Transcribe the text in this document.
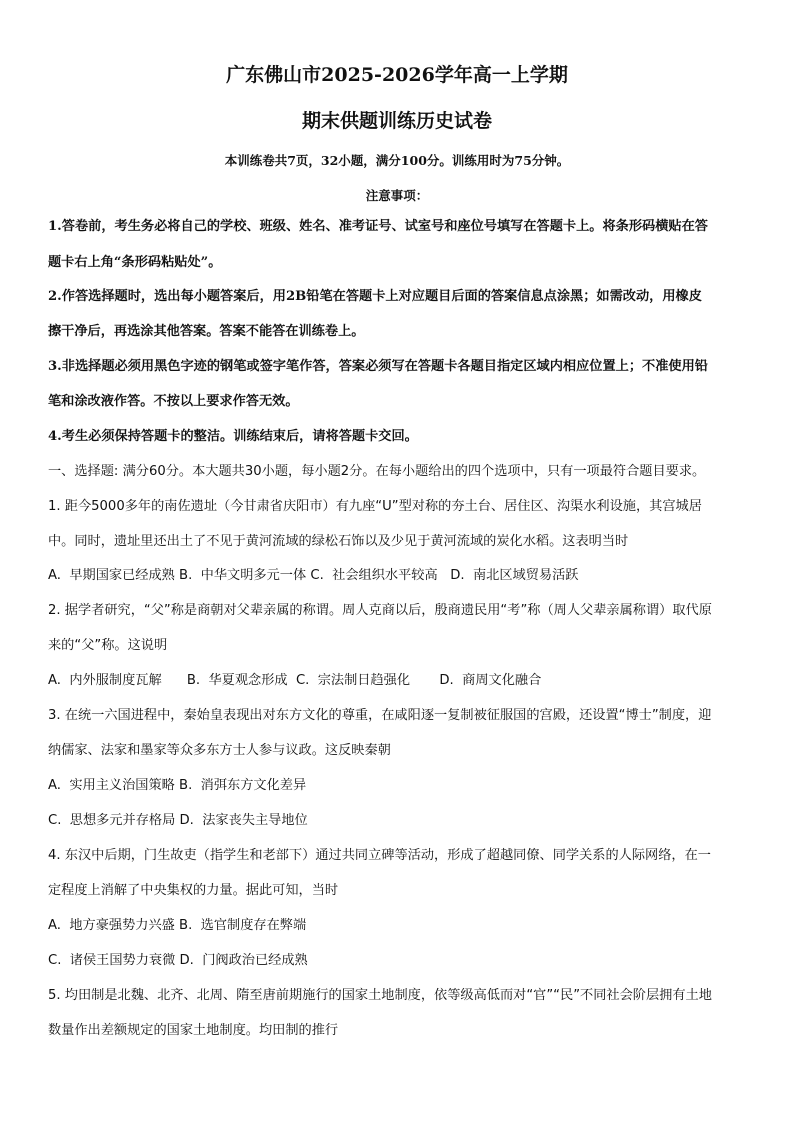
广东佛山市2025-2026学年高一上学期
期末供题训练历史试卷
本训练卷共7页，32小题，满分100分。训练用时为75分钟。
注意事项：
1.答卷前，考生务必将自己的学校、班级、姓名、准考证号、试室号和座位号填写在答题卡上。将条形码横贴在答
题卡右上角“条形码粘贴处”。
2.作答选择题时，选出每小题答案后，用2B铅笔在答题卡上对应题目后面的答案信息点涂黑；如需改动，用橡皮
擦干净后，再选涂其他答案。答案不能答在训练卷上。
3.非选择题必须用黑色字迹的钢笔或签字笔作答，答案必须写在答题卡各题目指定区域内相应位置上；不准使用铅
笔和涂改液作答。不按以上要求作答无效。
4.考生必须保持答题卡的整洁。训练结束后，请将答题卡交回。
一、选择题: 满分60分。本大题共30小题，每小题2分。在每小题给出的四个选项中，只有一项最符合题目要求。
1. 距今5000多年的南佐遗址（今甘肃省庆阳市）有九座“U”型对称的夯土台、居住区、沟渠水利设施，其宫城居
中。同时，遗址里还出土了不见于黄河流域的绿松石饰以及少见于黄河流域的炭化水稻。这表明当时
A.  早期国家已经成熟 B.  中华文明多元一体 C.  社会组织水平较高   D.  南北区域贸易活跃
2. 据学者研究，“父”称是商朝对父辈亲属的称谓。周人克商以后，殷商遗民用“考”称（周人父辈亲属称谓）取代原
来的“父”称。这说明
A.  内外服制度瓦解      B.  华夏观念形成  C.  宗法制日趋强化       D.  商周文化融合
3. 在统一六国进程中，秦始皇表现出对东方文化的尊重，在咸阳逐一复制被征服国的宫殿，还设置“博士”制度，迎
纳儒家、法家和墨家等众多东方士人参与议政。这反映秦朝
A.  实用主义治国策略 B.  消弭东方文化差异
C.  思想多元并存格局 D.  法家丧失主导地位
4. 东汉中后期，门生故吏（指学生和老部下）通过共同立碑等活动，形成了超越同僚、同学关系的人际网络，在一
定程度上消解了中央集权的力量。据此可知，当时
A.  地方豪强势力兴盛 B.  选官制度存在弊端
C.  诸侯王国势力衰微 D.  门阀政治已经成熟
5. 均田制是北魏、北齐、北周、隋至唐前期施行的国家土地制度，依等级高低而对“官”“民”不同社会阶层拥有土地
数量作出差额规定的国家土地制度。均田制的推行
